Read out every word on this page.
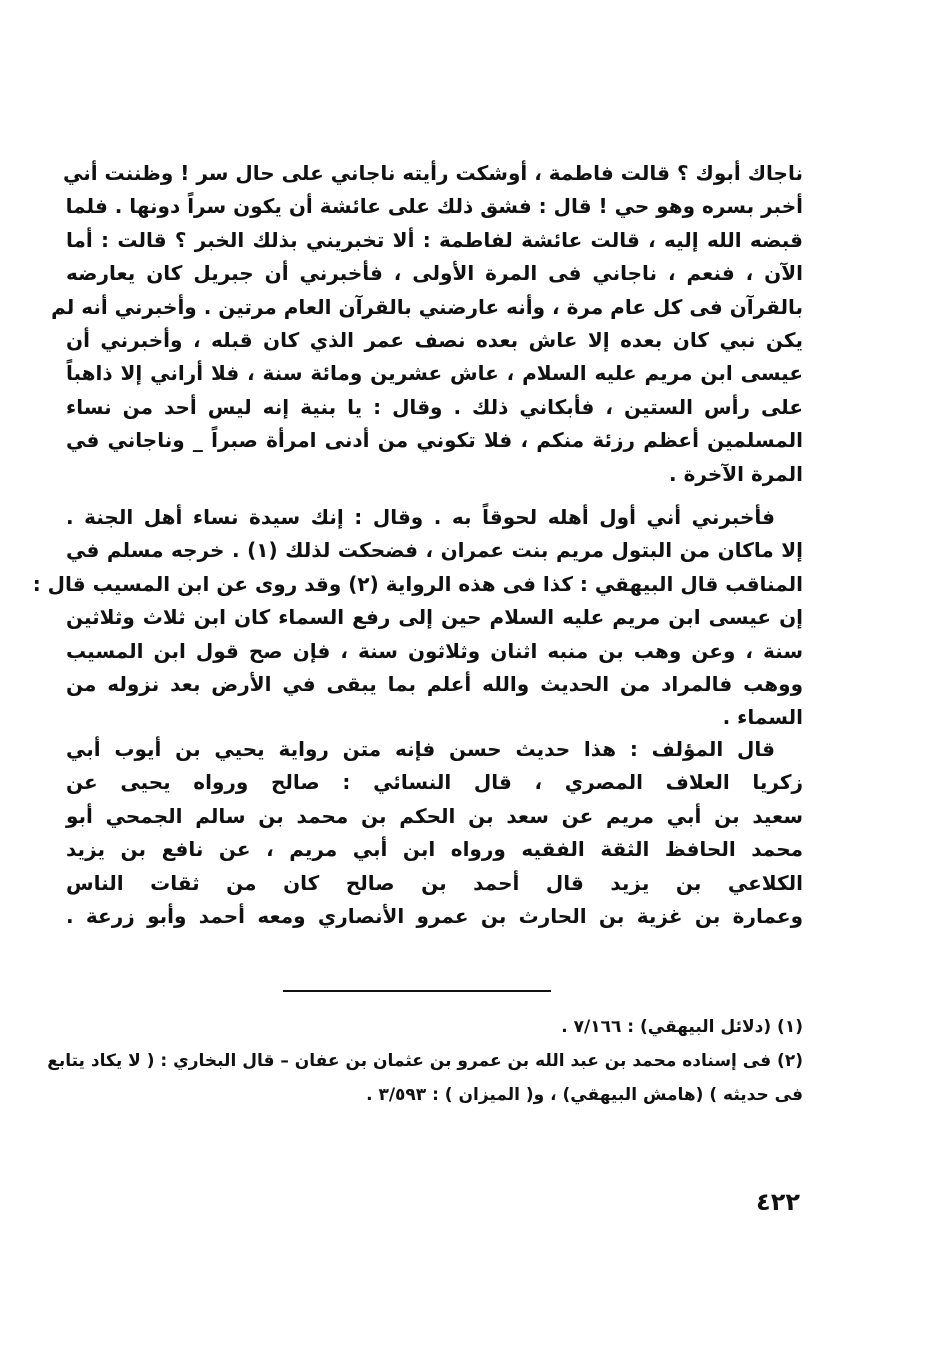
ناجاك أبوك ؟ قالت فاطمة ، أوشكت رأيته ناجاني على حال سر ! وظننت أني
أخبر بسره وهو حي ! قال : فشق ذلك على عائشة أن يكون سراً دونها . فلما
قبضه الله إليه ، قالت عائشة لفاطمة : ألا تخبريني بذلك الخبر ؟ قالت : أما
الآن ، فنعم ، ناجاني فى المرة الأولى ، فأخبرني أن جبريل كان يعارضه
بالقرآن فى كل عام مرة ، وأنه عارضني بالقرآن العام مرتين . وأخبرني أنه لم
يكن نبي كان بعده إلا عاش بعده نصف عمر الذي كان قبله ، وأخبرني أن
عيسى ابن مريم عليه السلام ، عاش عشرين ومائة سنة ، فلا أراني إلا ذاهباً
على رأس الستين ، فأبكاني ذلك . وقال : يا بنية إنه ليس أحد من نساء
المسلمين أعظم رزئة منكم ، فلا تكوني من أدنى امرأة صبراً _ وناجاني في
المرة الآخرة .
فأخبرني أني أول أهله لحوقاً به . وقال : إنك سيدة نساء أهل الجنة .
إلا ماكان من البتول مريم بنت عمران ، فضحكت لذلك (١) . خرجه مسلم في
المناقب قال البيهقي : كذا فى هذه الرواية (٢) وقد روى عن ابن المسيب قال :
إن عيسى ابن مريم عليه السلام حين إلى رفع السماء كان ابن ثلاث وثلاثين
سنة ، وعن وهب بن منبه اثنان وثلاثون سنة ، فإن صح قول ابن المسيب
ووهب فالمراد من الحديث والله أعلم بما يبقى في الأرض بعد نزوله من
السماء .
قال المؤلف : هذا حديث حسن فإنه متن رواية يحيي بن أيوب أبي
زكريا العلاف المصري ، قال النسائي : صالح ورواه يحيى عن
سعيد بن أبي مريم عن سعد بن الحكم بن محمد بن سالم الجمحي أبو
محمد الحافظ الثقة الفقيه ورواه ابن أبي مريم ، عن نافع بن يزيد
الكلاعي بن يزيد قال أحمد بن صالح كان من ثقات الناس
وعمارة بن غزية بن الحارث بن عمرو الأنصاري ومعه أحمد وأبو زرعة .
(١) (دلائل البيهقي) : ٧/١٦٦ .
(٢) فى إسناده محمد بن عبد الله بن عمرو بن عثمان بن عفان – قال البخاري : ( لا يكاد يتابع
فى حديثه ) (هامش البيهقي) ، و( الميزان ) : ٣/٥٩٣ .
٤٢٢
